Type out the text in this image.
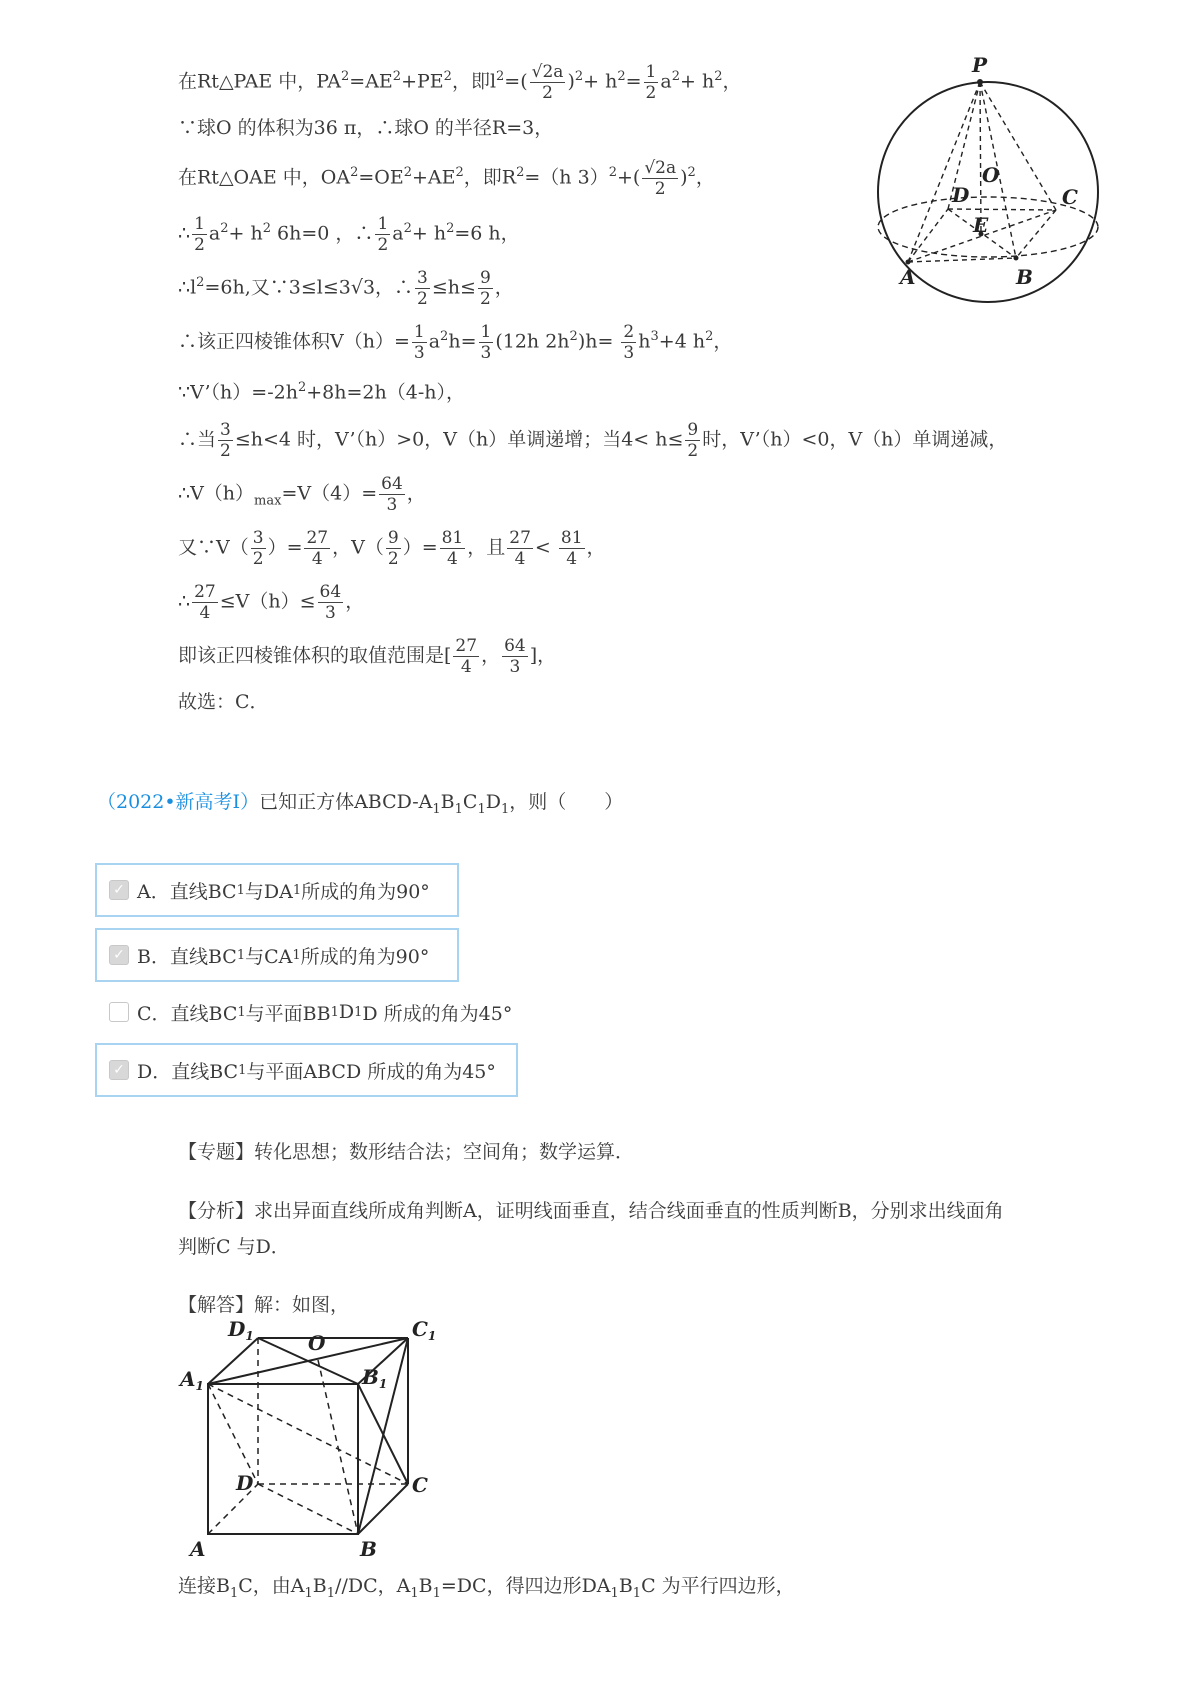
在Rt△PAE 中，$PA^2=AE^2+PE^2$，即$l^2=( \frac{√2a}{2} )^2+ h^2= \frac{1}{2} a^2+ h^2$，
∵球O 的体积为36 π，∴球O 的半径R=3，
在Rt△OAE 中，$OA^2=OE^2+AE^2$，即$R^2=(h$ $3)^2+( \frac{√2a}{2} )^2$，
∴ $\frac{1}{2} a^2+ h^2$ 6h=0 ，∴ $\frac{1}{2} a^2+ h^2=6$ h，
$\therefore l^2=6h$,又∵3≤l≤3√3，∴ $\frac{3}{2} \le h\le \frac{9}{2}$ ，
∴该正四棱锥体积$V(h)= \frac{1}{3} a^2h= \frac{1}{3} (12h$ $2h^2)h= \frac{2}{3} h^3+4$ $h^2$，
$\because V’(h)=-2h^2+8h=2h(4-h)$，
∴当 $\frac{3}{2} \le h<4$ 时，V’（h）>0，V（h）单调递增；当$4< h\le \frac{9}{2}$ 时，V’（h）<0，V（h）单调递减，
$\therefore V(h)_{max}=V(4)= \frac{64}{3}$ ，
又∵V（ $\frac{3}{2}$ ）= $\frac{27}{4}$ ，$V( \frac{9}{2}$ ）= $\frac{81}{4}$ ，且 $\frac{27}{4} < \frac{81}{4}$ ，
∴ $\frac{27}{4} \le V(h)\le \frac{64}{3}$ ，
即该正四棱锥体积的取值范围是[ $\frac{27}{4}$ ， $\frac{64}{3}$ ]，
故选：C．
P
O
D	C
E
A	B
（2022•新高考Ⅰ）已知正方体ABCD-$A_1B_1C_1D_1$，则（　　）
✓ A．直线BC 1 与DA 1 所成的角为90°
✓ B．直线BC 1 与CA 1 所成的角为90°
C．直线BC 1 与平面BB 1 D 1 D 所成的角为45°
✓ D．直线BC 1 与平面ABCD 所成的角为45°
【专题】转化思想；数形结合法；空间角；数学运算．
【分析】求出异面直线所成角判断A，证明线面垂直，结合线面垂直的性质判断B，分别求出线面角
判断C 与D．
【解答】解：如图，
$D_1$	O
$C_1$
$A_1$	$B_1$
D	C
A	B
连接$B_1C$，由$A_1B_1//DC$，$A_1B_1=DC$，得四边形$DA_1B_1C$ 为平行四边形，
